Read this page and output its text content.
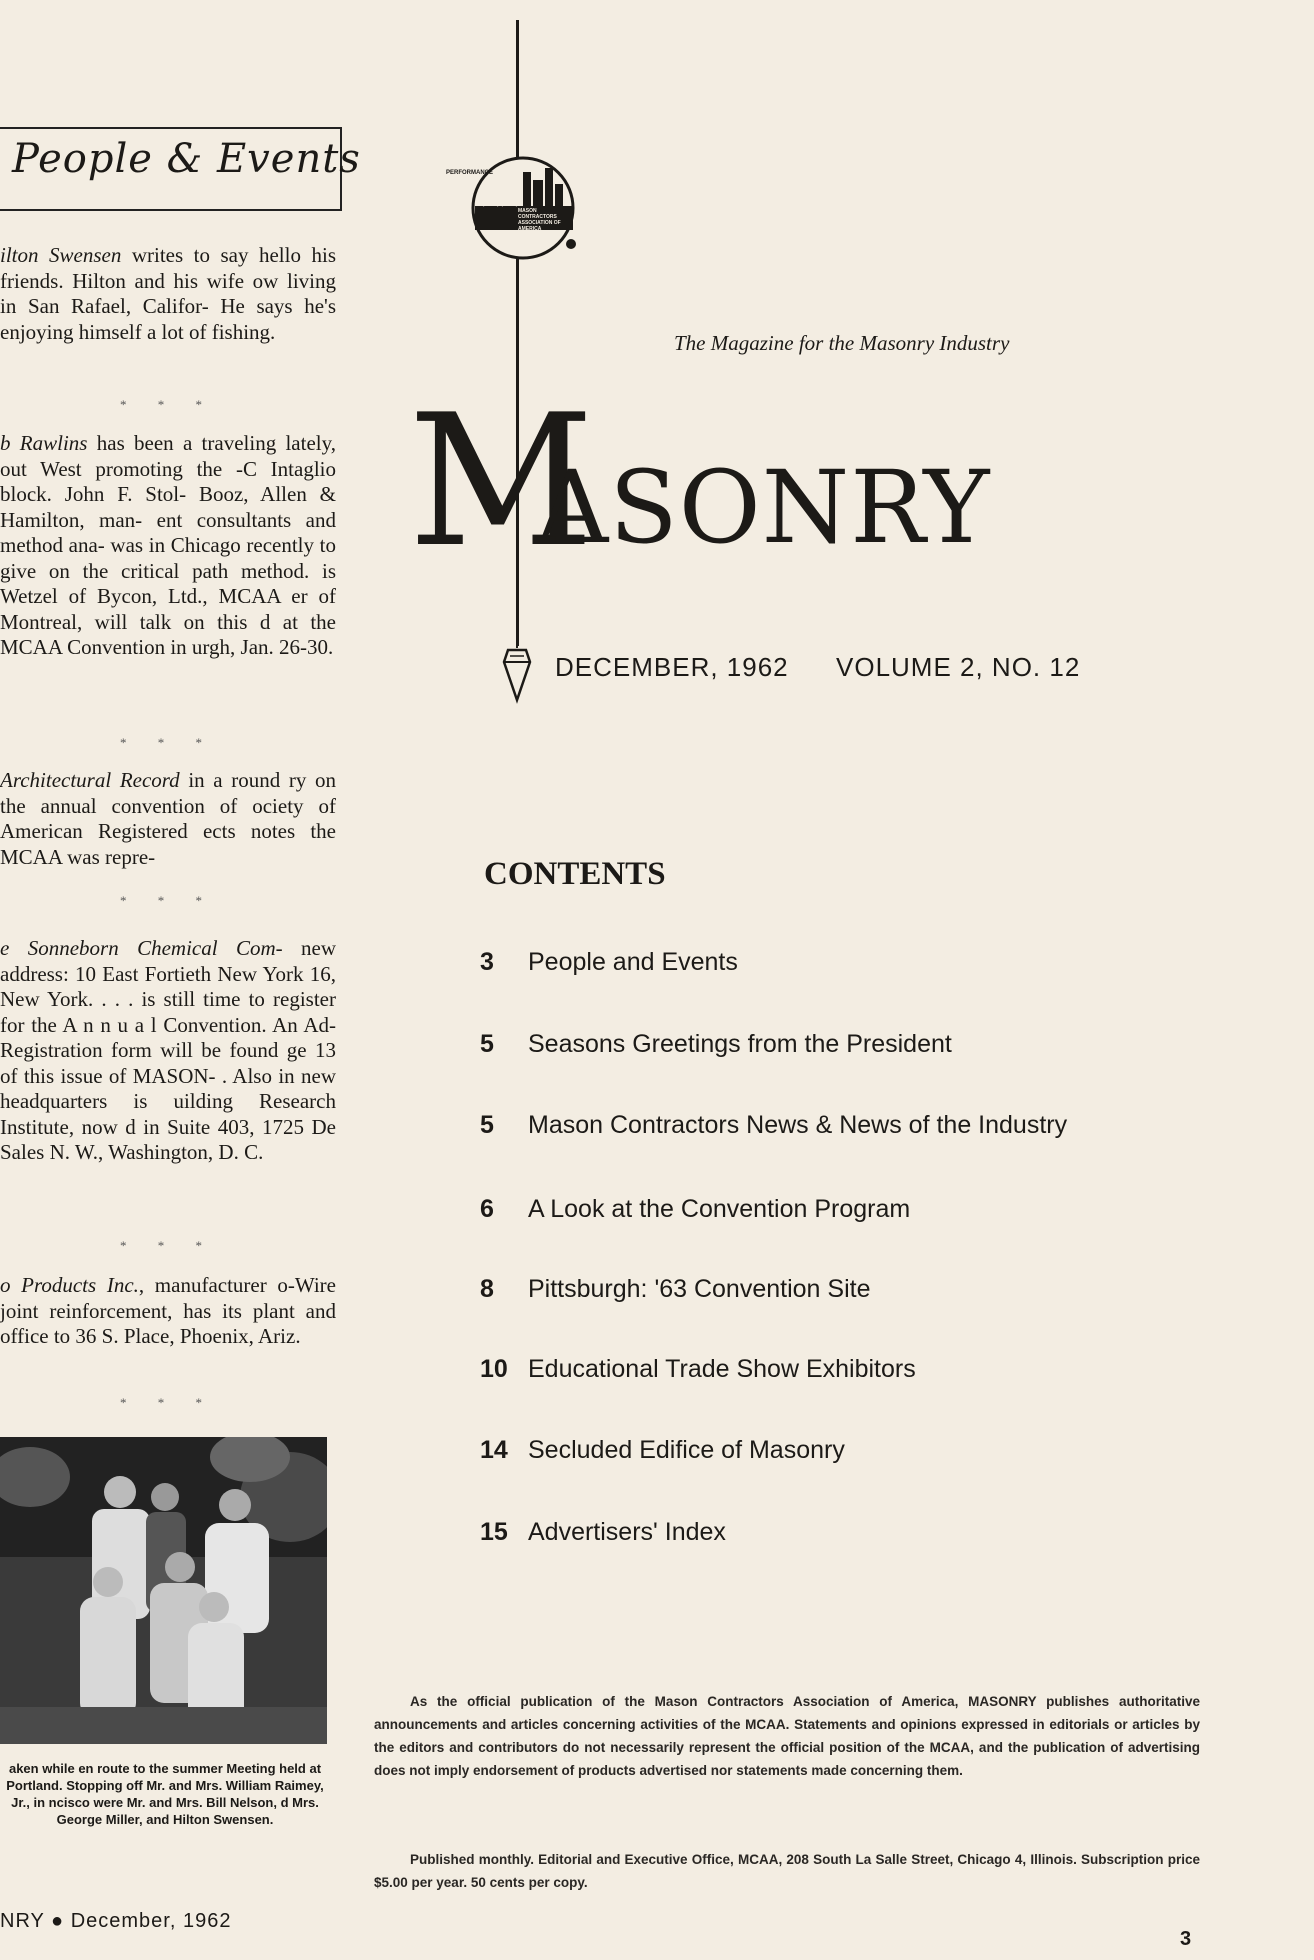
People & Events

ilton Swensen writes to say hello his friends. Hilton and his wife ow living in San Rafael, Califor- He says he's enjoying himself a lot of fishing.

* * *

b Rawlins has been a traveling lately, out West promoting the -C Intaglio block. John F. Stol- Booz, Allen & Hamilton, man- ent consultants and method ana- was in Chicago recently to give on the critical path method. is Wetzel of Bycon, Ltd., MCAA er of Montreal, will talk on this d at the MCAA Convention in urgh, Jan. 26-30.

* * *

Architectural Record in a round ry on the annual convention of ociety of American Registered ects notes the MCAA was repre-

* * *

e Sonneborn Chemical Com- new address: 10 East Fortieth New York 16, New York. . . . is still time to register for the A n n u a l Convention. An Ad- Registration form will be found ge 13 of this issue of MASON- . Also in new headquarters is uilding Research Institute, now d in Suite 403, 1725 De Sales N. W., Washington, D. C.

* * *

o Products Inc., manufacturer o-Wire joint reinforcement, has its plant and office to 36 S. Place, Phoenix, Ariz.

* * *
aken while en route to the summer Meeting held at Portland. Stopping off Mr. and Mrs. William Raimey, Jr., in ncisco were Mr. and Mrs. Bill Nelson, d Mrs. George Miller, and Hilton Swensen.
NRY ● December, 1962
PERFORMANCE
MASON CONTRACTORS ASSOCIATION OF AMERICA
The Magazine for the Masonry Industry
M
ASONRY
DECEMBER, 1962 VOLUME 2, NO. 12
CONTENTS
3 People and Events
5 Seasons Greetings from the President
5 Mason Contractors News & News of the Industry
6 A Look at the Convention Program
8 Pittsburgh: '63 Convention Site
10 Educational Trade Show Exhibitors
14 Secluded Edifice of Masonry
15 Advertisers' Index

As the official publication of the Mason Contractors Association of America, MASONRY publishes authoritative announcements and articles concerning activities of the MCAA. Statements and opinions expressed in editorials or articles by the editors and contributors do not necessarily represent the official position of the MCAA, and the publication of advertising does not imply endorsement of products advertised nor statements made concerning them.

Published monthly. Editorial and Executive Office, MCAA, 208 South La Salle Street, Chicago 4, Illinois. Subscription price $5.00 per year. 50 cents per copy.

3
